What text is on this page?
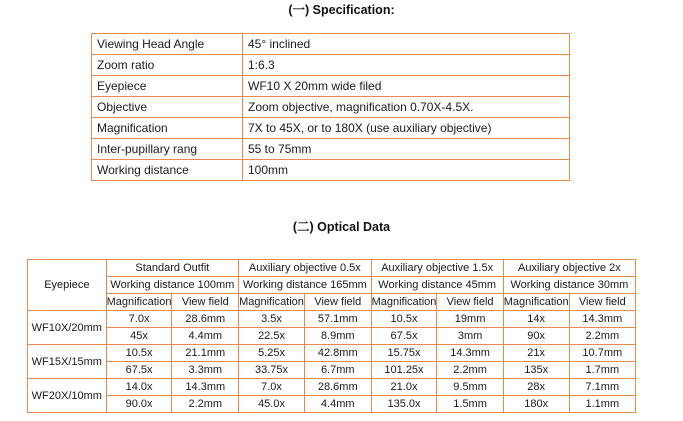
(一) Specification:
Viewing Head Angle	45° inclined
Zoom ratio	1:6.3
Eyepiece	WF10 X 20mm wide filed
Objective	Zoom objective, magnification 0.70X-4.5X.
Magnification	7X to 45X, or to 180X (use auxiliary objective)
Inter-pupillary rang	55 to 75mm
Working distance	100mm
(二) Optical Data
Eyepiece	Standard Outfit		Auxiliary objective 0.5x		Auxiliary objective 1.5x		Auxiliary objective 2x	
	Working distance 100mm		Working distance 165mm		Working distance 45mm		Working distance 30mm	
	Magnification	View field	Magnification	View field	Magnification	View field	Magnification	View field
WF10X/20mm	7.0x	28.6mm	3.5x	57.1mm	10.5x	19mm	14x	14.3mm
	45x	4.4mm	22.5x	8.9mm	67.5x	3mm	90x	2.2mm
WF15X/15mm	10.5x	21.1mm	5.25x	42.8mm	15.75x	14.3mm	21x	10.7mm
	67.5x	3.3mm	33.75x	6.7mm	101.25x	2.2mm	135x	1.7mm
WF20X/10mm	14.0x	14.3mm	7.0x	28.6mm	21.0x	9.5mm	28x	7.1mm
	90.0x	2.2mm	45.0x	4.4mm	135.0x	1.5mm	180x	1.1mm
